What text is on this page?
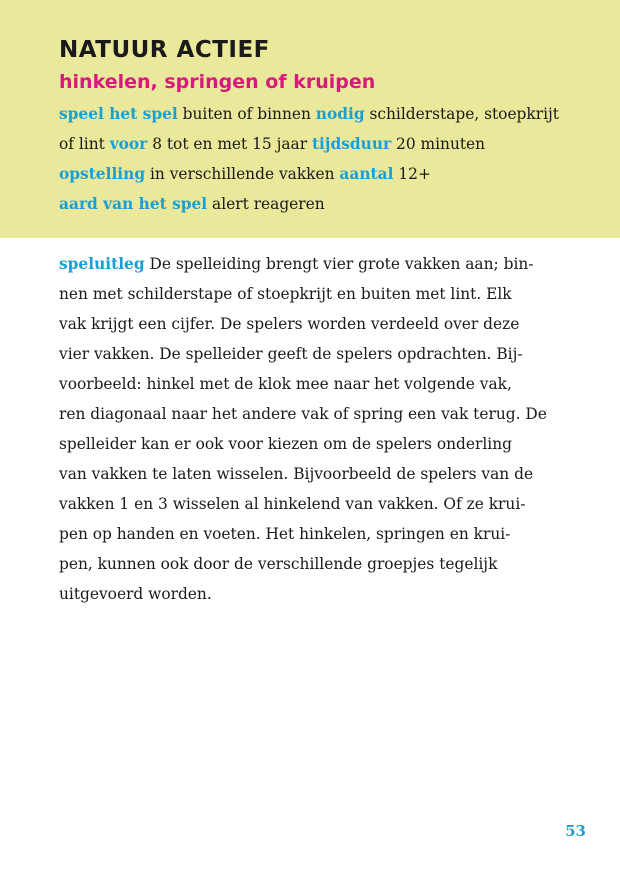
NATUUR ACTIEF
hinkelen, springen of kruipen
speel het spel buiten of binnen nodig schilderstape, stoepkrijt
of lint voor 8 tot en met 15 jaar tijdsduur 20 minuten
opstelling in verschillende vakken aantal 12+
aard van het spel alert reageren
speluitleg De spelleiding brengt vier grote vakken aan; bin-
nen met schilderstape of stoepkrijt en buiten met lint. Elk
vak krijgt een cijfer. De spelers worden verdeeld over deze
vier vakken. De spelleider geeft de spelers opdrachten. Bij-
voorbeeld: hinkel met de klok mee naar het volgende vak,
ren diagonaal naar het andere vak of spring een vak terug. De
spelleider kan er ook voor kiezen om de spelers onderling
van vakken te laten wisselen. Bijvoorbeeld de spelers van de
vakken 1 en 3 wisselen al hinkelend van vakken. Of ze krui-
pen op handen en voeten. Het hinkelen, springen en krui-
pen, kunnen ook door de verschillende groepjes tegelijk
uitgevoerd worden.
53
